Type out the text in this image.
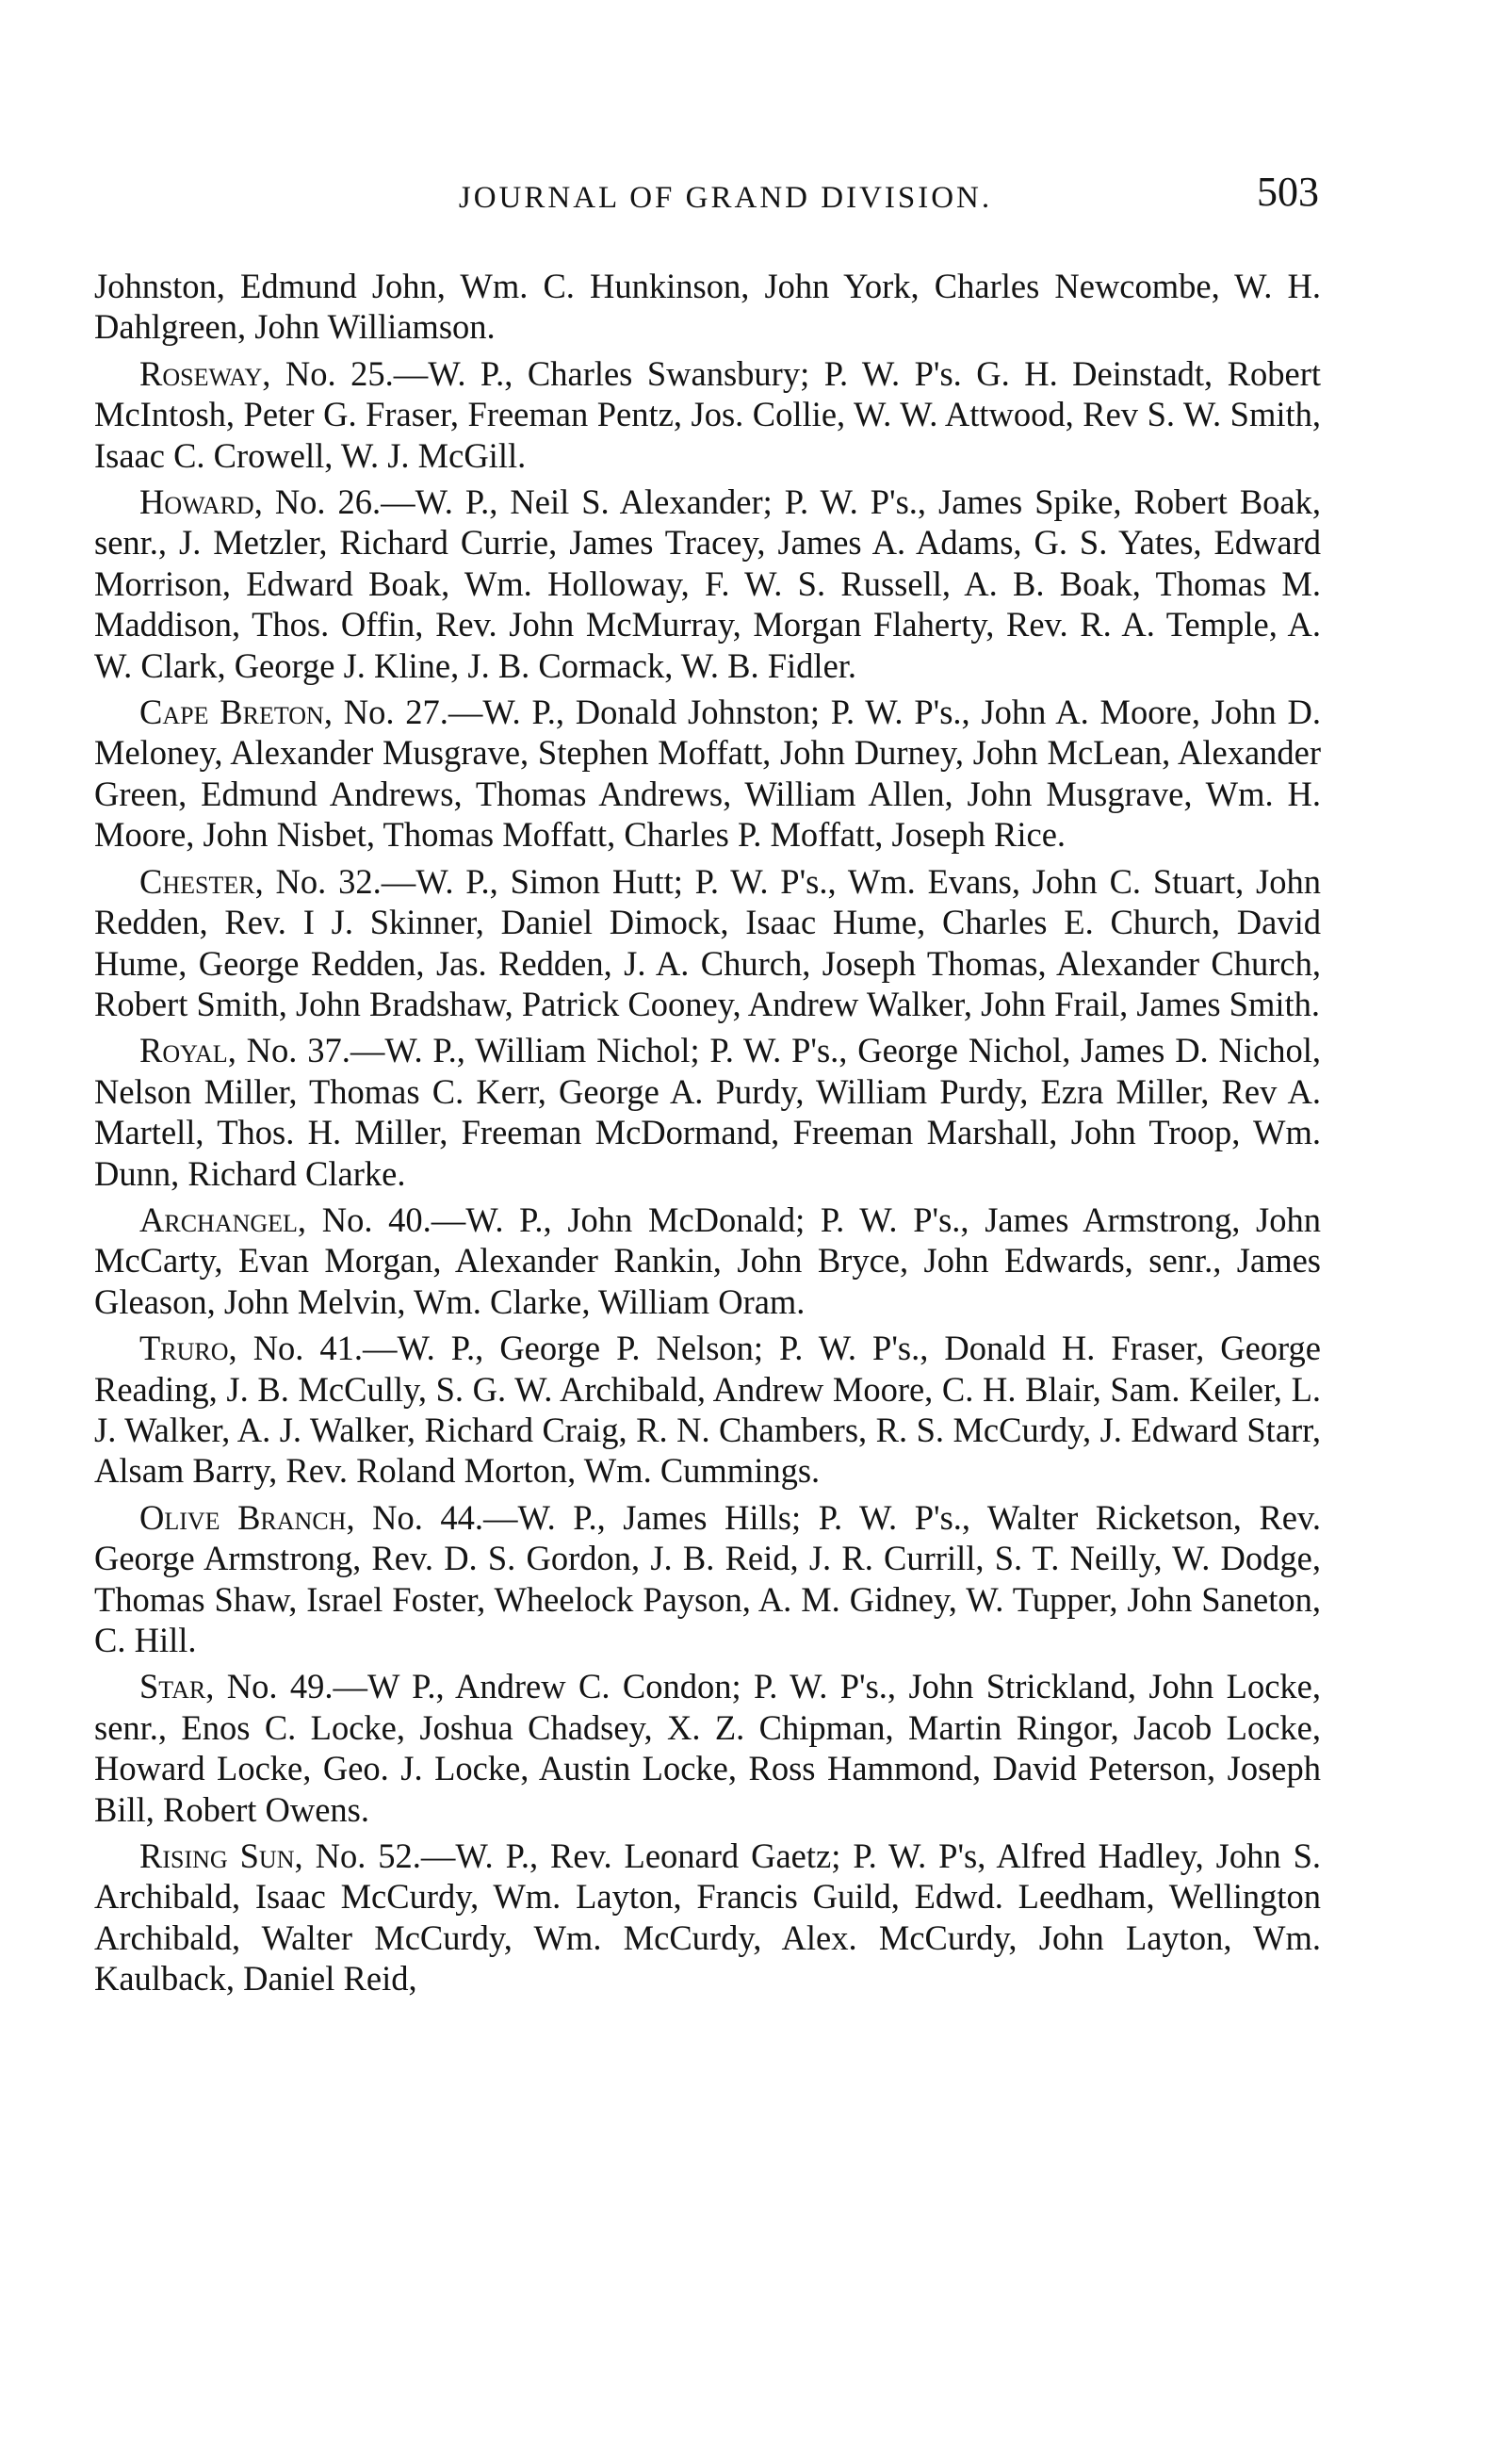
JOURNAL OF GRAND DIVISION.	503

Johnston, Edmund John, Wm. C. Hunkinson, John York, Charles Newcombe, W. H. Dahlgreen, John Williamson.

Roseway, No. 25.—W. P., Charles Swansbury; P. W. P's. G. H. Deinstadt, Robert McIntosh, Peter G. Fraser, Freeman Pentz, Jos. Collie, W. W. Attwood, Rev S. W. Smith, Isaac C. Crowell, W. J. McGill.

Howard, No. 26.—W. P., Neil S. Alexander; P. W. P's., James Spike, Robert Boak, senr., J. Metzler, Richard Currie, James Tracey, James A. Adams, G. S. Yates, Edward Morrison, Edward Boak, Wm. Holloway, F. W. S. Russell, A. B. Boak, Thomas M. Maddison, Thos. Offin, Rev. John McMurray, Morgan Flaherty, Rev. R. A. Temple, A. W. Clark, George J. Kline, J. B. Cormack, W. B. Fidler.

Cape Breton, No. 27.—W. P., Donald Johnston; P. W. P's., John A. Moore, John D. Meloney, Alexander Musgrave, Stephen Moffatt, John Durney, John McLean, Alexander Green, Edmund Andrews, Thomas Andrews, William Allen, John Musgrave, Wm. H. Moore, John Nisbet, Thomas Moffatt, Charles P. Moffatt, Joseph Rice.

Chester, No. 32.—W. P., Simon Hutt; P. W. P's., Wm. Evans, John C. Stuart, John Redden, Rev. I J. Skinner, Daniel Dimock, Isaac Hume, Charles E. Church, David Hume, George Redden, Jas. Redden, J. A. Church, Joseph Thomas, Alexander Church, Robert Smith, John Bradshaw, Patrick Cooney, Andrew Walker, John Frail, James Smith.

Royal, No. 37.—W. P., William Nichol; P. W. P's., George Nichol, James D. Nichol, Nelson Miller, Thomas C. Kerr, George A. Purdy, William Purdy, Ezra Miller, Rev A. Martell, Thos. H. Miller, Freeman McDormand, Freeman Marshall, John Troop, Wm. Dunn, Richard Clarke.

Archangel, No. 40.—W. P., John McDonald; P. W. P's., James Armstrong, John McCarty, Evan Morgan, Alexander Rankin, John Bryce, John Edwards, senr., James Gleason, John Melvin, Wm. Clarke, William Oram.

Truro, No. 41.—W. P., George P. Nelson; P. W. P's., Donald H. Fraser, George Reading, J. B. McCully, S. G. W. Archibald, Andrew Moore, C. H. Blair, Sam. Keiler, L. J. Walker, A. J. Walker, Richard Craig, R. N. Chambers, R. S. McCurdy, J. Edward Starr, Alsam Barry, Rev. Roland Morton, Wm. Cummings.

Olive Branch, No. 44.—W. P., James Hills; P. W. P's., Walter Ricketson, Rev. George Armstrong, Rev. D. S. Gordon, J. B. Reid, J. R. Currill, S. T. Neilly, W. Dodge, Thomas Shaw, Israel Foster, Wheelock Payson, A. M. Gidney, W. Tupper, John Saneton, C. Hill.

Star, No. 49.—W P., Andrew C. Condon; P. W. P's., John Strickland, John Locke, senr., Enos C. Locke, Joshua Chadsey, X. Z. Chipman, Martin Ringor, Jacob Locke, Howard Locke, Geo. J. Locke, Austin Locke, Ross Hammond, David Peterson, Joseph Bill, Robert Owens.

Rising Sun, No. 52.—W. P., Rev. Leonard Gaetz; P. W. P's, Alfred Hadley, John S. Archibald, Isaac McCurdy, Wm. Layton, Francis Guild, Edwd. Leedham, Wellington Archibald, Walter McCurdy, Wm. McCurdy, Alex. McCurdy, John Layton, Wm. Kaulback, Daniel Reid,
